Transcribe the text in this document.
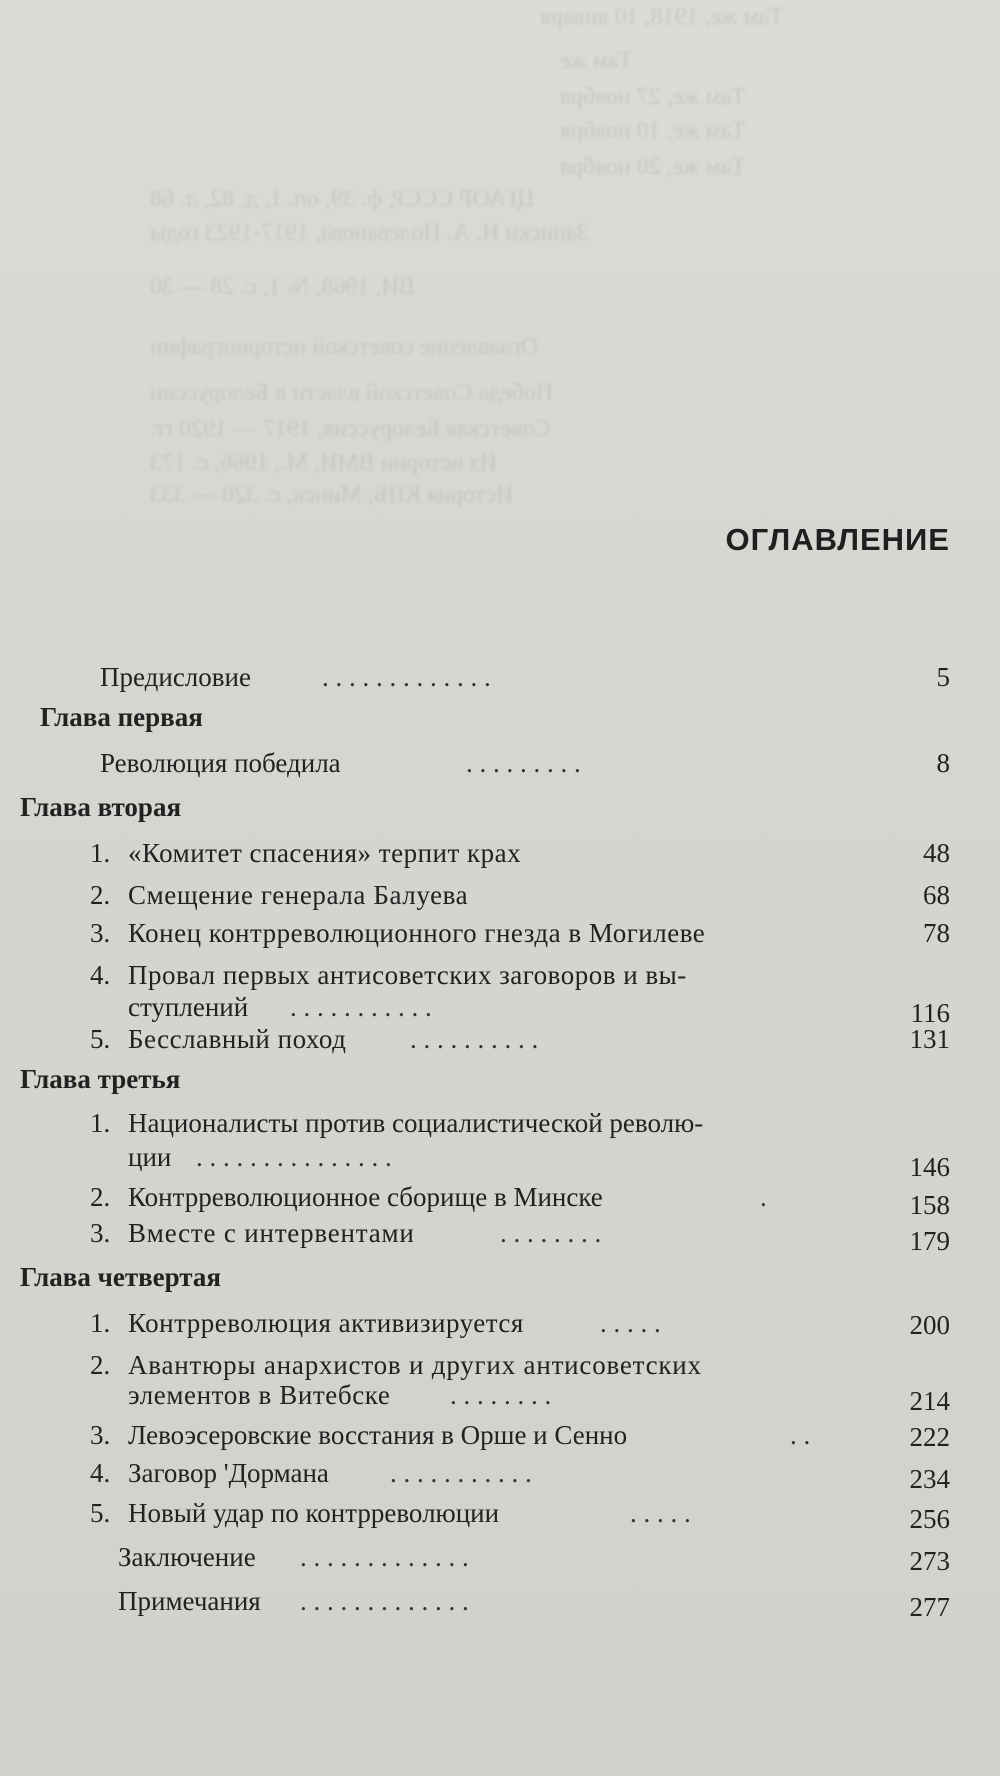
Там же, 1918, 10 января
Там же
Там же, 27 ноября
Там же, 10 ноября
Там же, 20 ноября
ЦГАОР СССР, ф. 39, оп. 1, д. 82, л. 68
Записки Н. А. Полеванова, 1917-1923 годы
ВИ, 1968, № 1, с. 28 — 30
Оглавление советской историографии
Победа Советской власти в Белоруссии
Советская Белоруссия, 1917 — 1920 гг.
Из истории ВМИ, М., 1966, с. 173
История КПБ, Минск, с. 320 — 333
ОГЛАВЛЕНИЕ
Предисловие	. . . . . . . . . . . . .	5
Глава первая
Революция победила	. . . . . . . . .	8
Глава вторая
1. «Комитет спасения» терпит крах	48
2. Смещение генерала Балуева	68
3. Конец контрреволюционного гнезда в Могилеве	78
4. Провал первых антисоветских заговоров и вы-
ступлений . . . . . . . . . . .	116
5. Бесславный поход . . . . . . . . . .	131
Глава третья
1. Националисты против социалистической револю-
ции . . . . . . . . . . . . . . .	146
2. Контрреволюционное сборище в Минске	.	158
3. Вместе с интервентами	. . . . . . . .	179
Глава четвертая
1. Контрреволюция активизируется	. . . . .	200
2. Авантюры анархистов и других антисоветских
элементов в Витебске . . . . . . . .	214
3. Левоэсеровские восстания в Орше и Сенно	. .	222
4. Заговор 'Дормана . . . . . . . . . . .	234
5. Новый удар по контрреволюции	. . . . .	256
Заключение . . . . . . . . . . . . .	273
Примечания . . . . . . . . . . . . .	277
